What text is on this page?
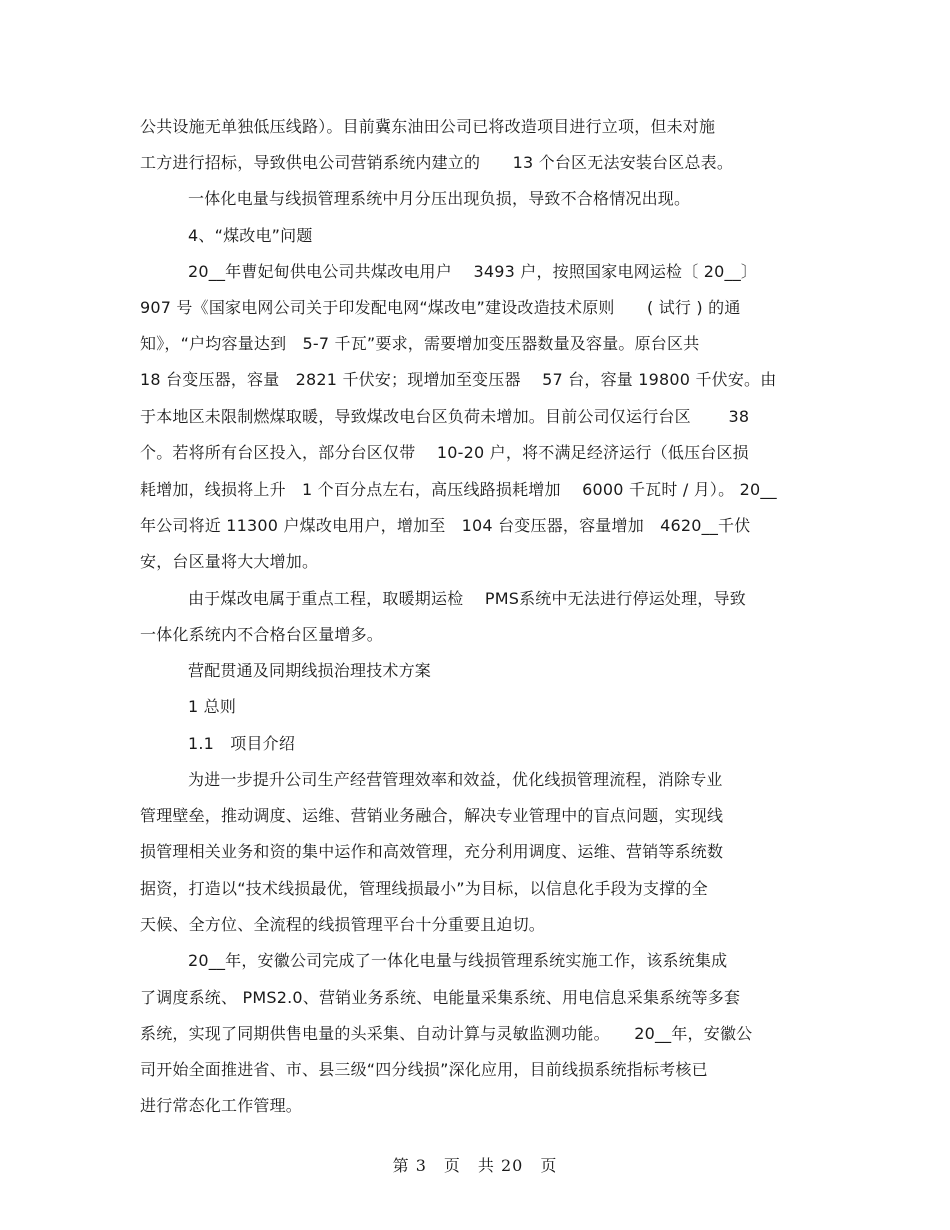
公共设施无单独低压线路）。目前冀东油田公司已将改造项目进行立项，但未对施
工方进行招标，导致供电公司营销系统内建立的　　13 个台区无法安装台区总表。
一体化电量与线损管理系统中月分压出现负损，导致不合格情况出现。
4、“煤改电”问题
20__年曹妃甸供电公司共煤改电用户　 3493 户，按照国家电网运检〔 20__〕
907 号《国家电网公司关于印发配电网“煤改电”建设改造技术原则　　( 试行 ) 的通
知》，“户均容量达到　5-7 千瓦”要求，需要增加变压器数量及容量。原台区共
18 台变压器，容量　2821 千伏安；现增加至变压器　 57 台，容量 19800 千伏安。由
于本地区未限制燃煤取暖，导致煤改电台区负荷未增加。目前公司仅运行台区　　 38
个。若将所有台区投入，部分台区仅带　 10-20 户，将不满足经济运行（低压台区损
耗增加，线损将上升　1 个百分点左右，高压线路损耗增加　 6000 千瓦时 / 月）。 20__
年公司将近 11300 户煤改电用户，增加至　104 台变压器，容量增加　4620__千伏
安，台区量将大大增加。
由于煤改电属于重点工程，取暖期运检　 PMS系统中无法进行停运处理，导致
一体化系统内不合格台区量增多。
营配贯通及同期线损治理技术方案
1 总则
1.1　项目介绍
为进一步提升公司生产经营管理效率和效益，优化线损管理流程，消除专业
管理壁垒，推动调度、运维、营销业务融合，解决专业管理中的盲点问题，实现线
损管理相关业务和资的集中运作和高效管理，充分利用调度、运维、营销等系统数
据资，打造以“技术线损最优，管理线损最小”为目标，以信息化手段为支撑的全
天候、全方位、全流程的线损管理平台十分重要且迫切。
20__年，安徽公司完成了一体化电量与线损管理系统实施工作，该系统集成
了调度系统、 PMS2.0、营销业务系统、电能量采集系统、用电信息采集系统等多套
系统，实现了同期供售电量的头采集、自动计算与灵敏监测功能。　　20__年，安徽公
司开始全面推进省、市、县三级“四分线损”深化应用，目前线损系统指标考核已
进行常态化工作管理。
第 3　页　共 20　页
